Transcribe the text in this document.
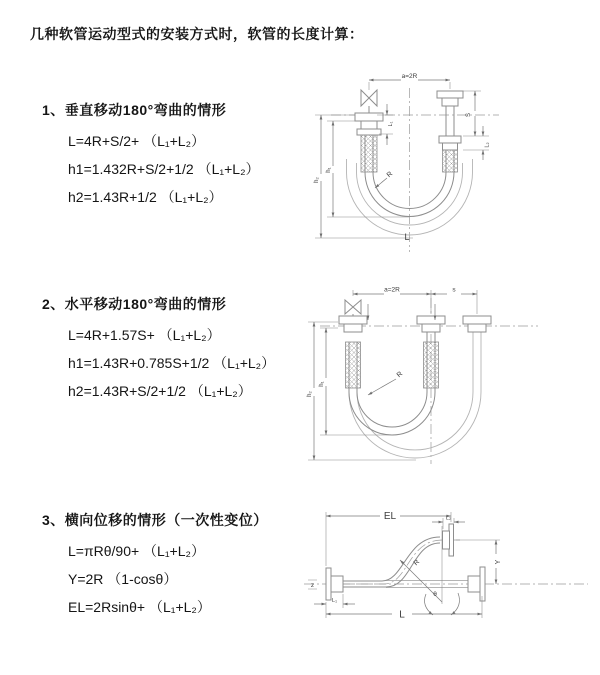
几种软管运动型式的安装方式时，软管的长度计算：
1、垂直移动180°弯曲的情形
L=4R+S/2+ （L₁+L₂）
h1=1.432R+S/2+1/2 （L₁+L₂）
h2=1.43R+1/2 （L₁+L₂）
2、水平移动180°弯曲的情形
L=4R+1.57S+ （L₁+L₂）
h1=1.43R+0.785S+1/2 （L₁+L₂）
h2=1.43R+S/2+1/2 （L₁+L₂）
3、横向位移的情形（一次性变位）
L=πRθ/90+ （L₁+L₂）
Y=2R （1-cosθ）
EL=2Rsinθ+ （L₁+L₂）
a=2R
h₂
h₁
L₁
S
L₂
R
L
a=2R	s
h₂
h₁
R
EL	L₂
Y
R
θ
L
L₁
z
